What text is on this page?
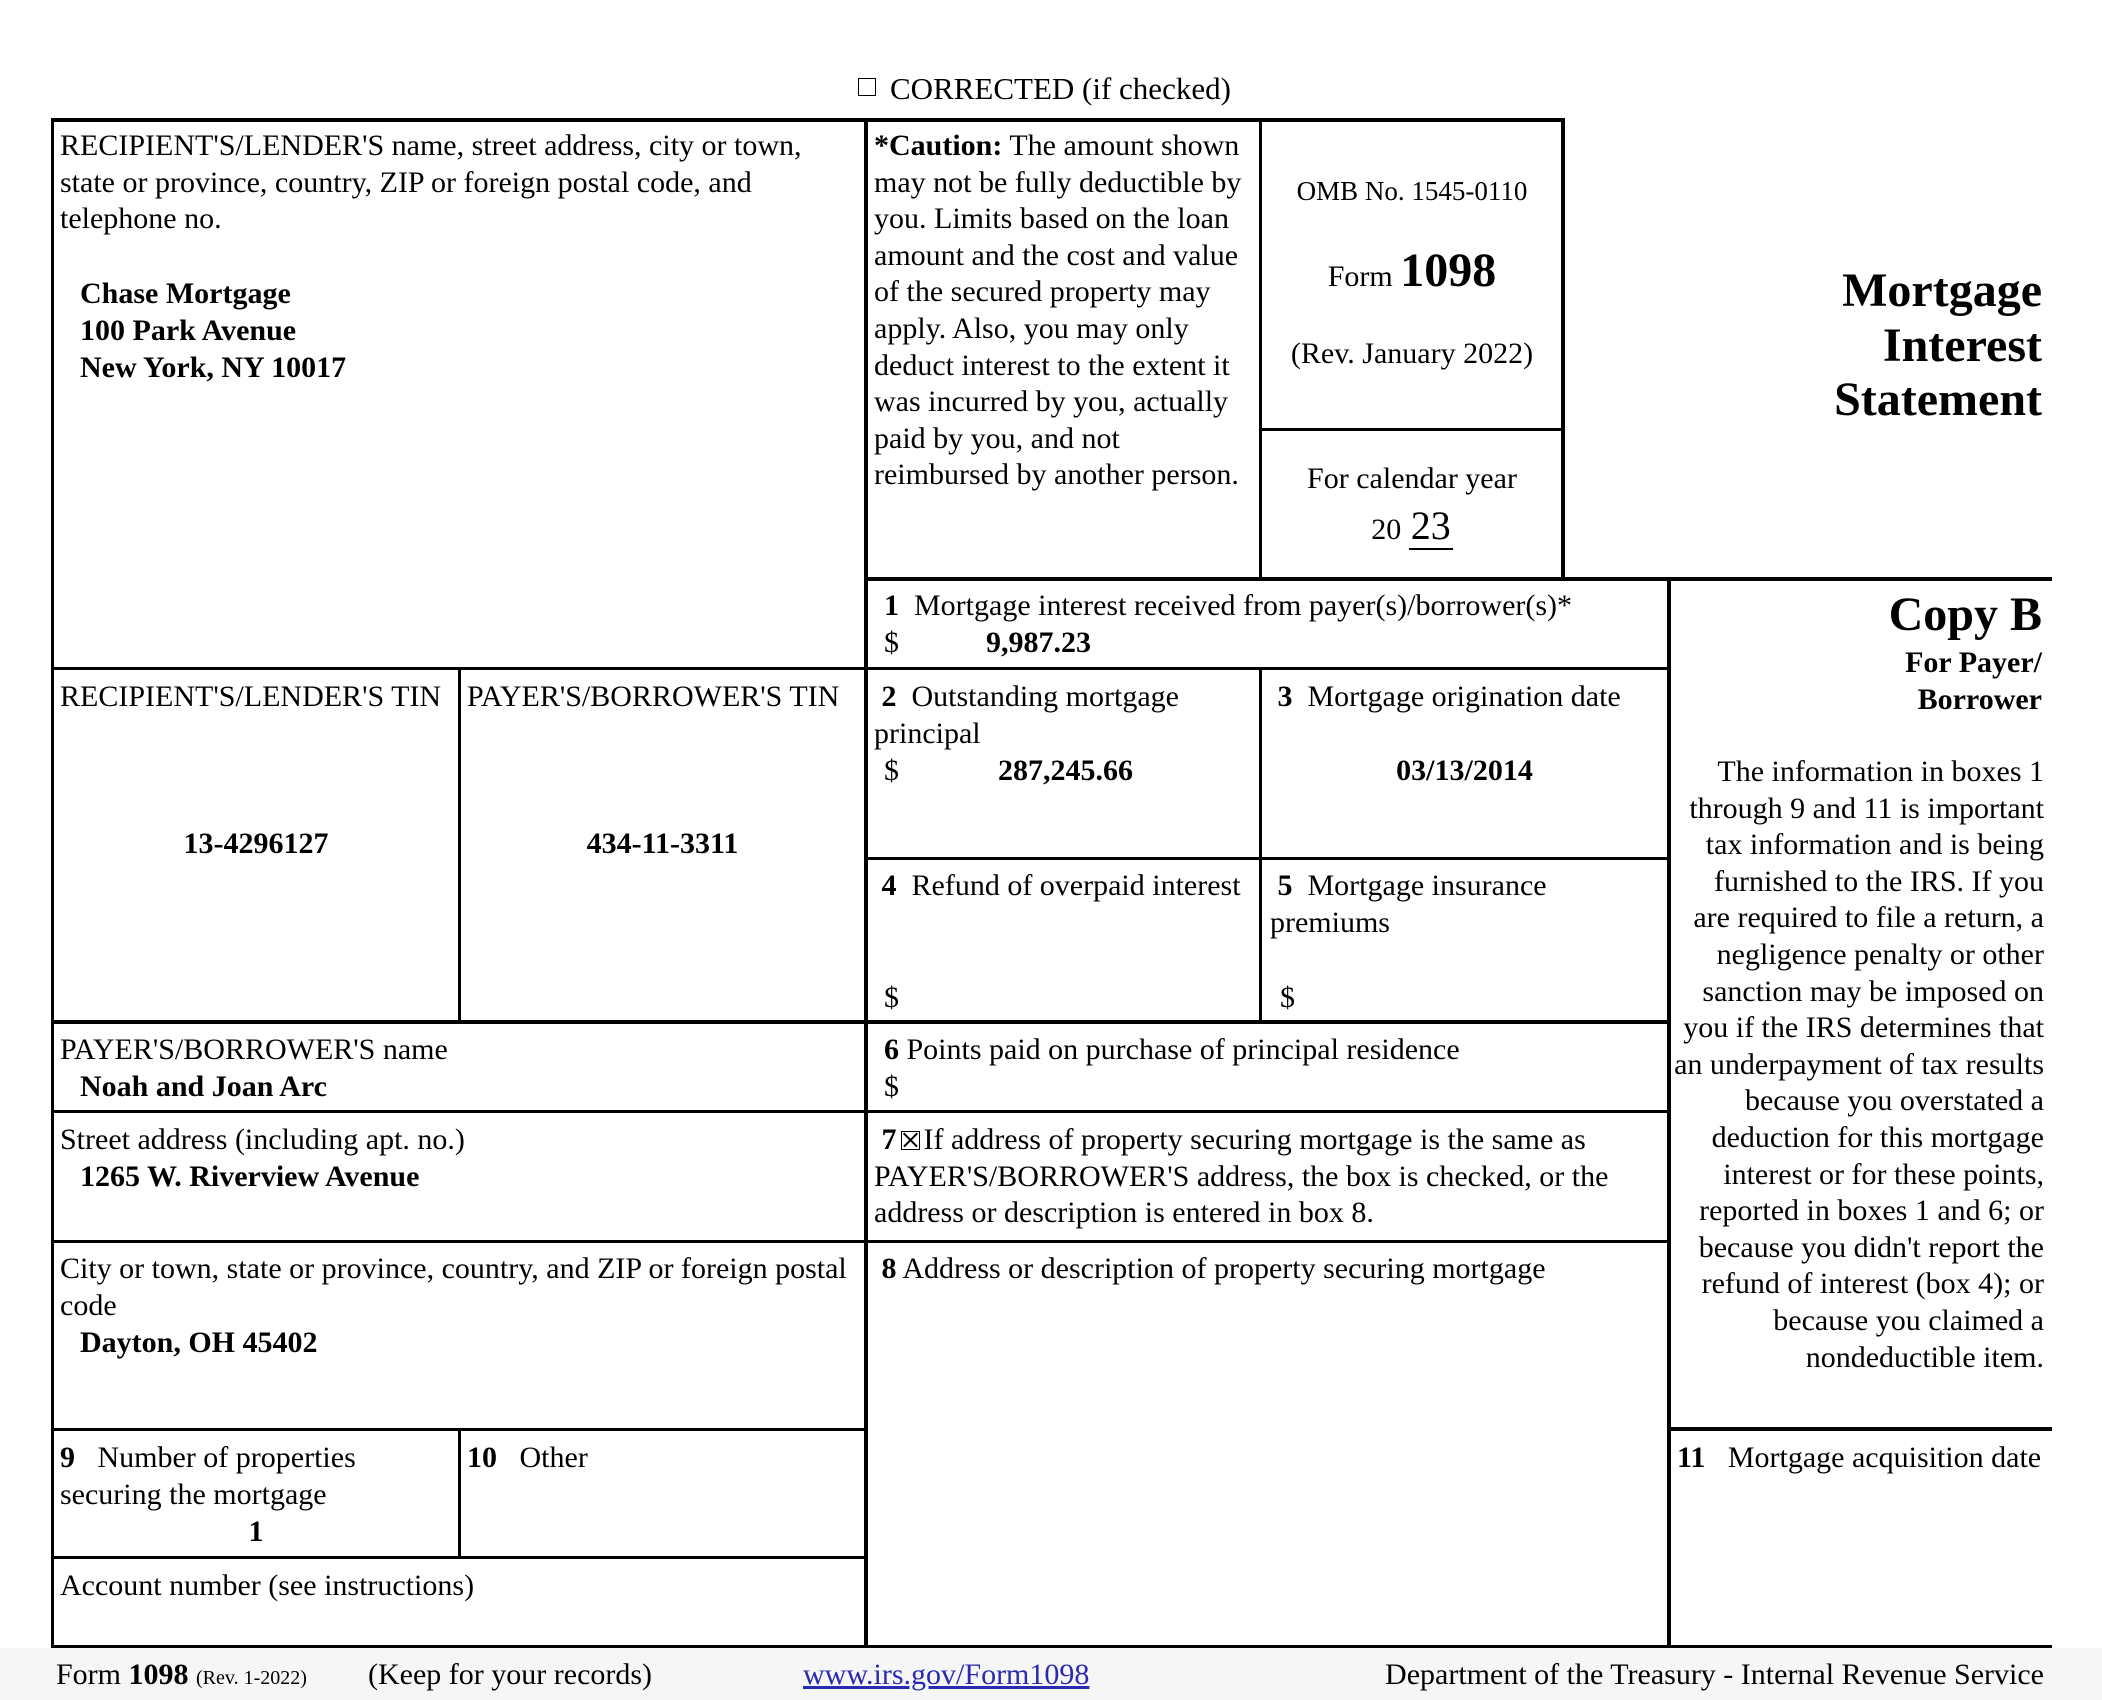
CORRECTED (if checked)
RECIPIENT'S/LENDER'S name, street address, city or town, state or province, country, ZIP or foreign postal code, and telephone no.
Chase Mortgage
100 Park Avenue
New York, NY 10017
*Caution: The amount shown may not be fully deductible by you. Limits based on the loan amount and the cost and value of the secured property may apply. Also, you may only deduct interest to the extent it was incurred by you, actually paid by you, and not reimbursed by another person.
OMB No. 1545-0110
Form 1098
(Rev. January 2022)
For calendar year
20 23
Mortgage
Interest
Statement
Copy B
For Payer/
Borrower
The information in boxes 1 through 9 and 11 is important tax information and is being furnished to the IRS. If you are required to file a return, a negligence penalty or other sanction may be imposed on you if the IRS determines that an underpayment of tax results because you overstated a deduction for this mortgage interest or for these points, reported in boxes 1 and 6; or because you didn't report the refund of interest (box 4); or because you claimed a nondeductible item.
1 Mortgage interest received from payer(s)/borrower(s)*
$	9,987.23
RECIPIENT'S/LENDER'S TIN
13-4296127
PAYER'S/BORROWER'S TIN
434-11-3311
2 Outstanding mortgage principal
$	287,245.66
3 Mortgage origination date
03/13/2014
4 Refund of overpaid interest
$
5 Mortgage insurance premiums
$
PAYER'S/BORROWER'S name
Noah and Joan Arc
6 Points paid on purchase of principal residence
$
Street address (including apt. no.)
1265 W. Riverview Avenue
7 If address of property securing mortgage is the same as PAYER'S/BORROWER'S address, the box is checked, or the address or description is entered in box 8.
City or town, state or province, country, and ZIP or foreign postal code
Dayton, OH 45402
8 Address or description of property securing mortgage
9 Number of properties securing the mortgage
1
10 Other
Account number (see instructions)
11 Mortgage acquisition date
Form 1098 (Rev. 1-2022) (Keep for your records)	www.irs.gov/Form1098	Department of the Treasury - Internal Revenue Service
